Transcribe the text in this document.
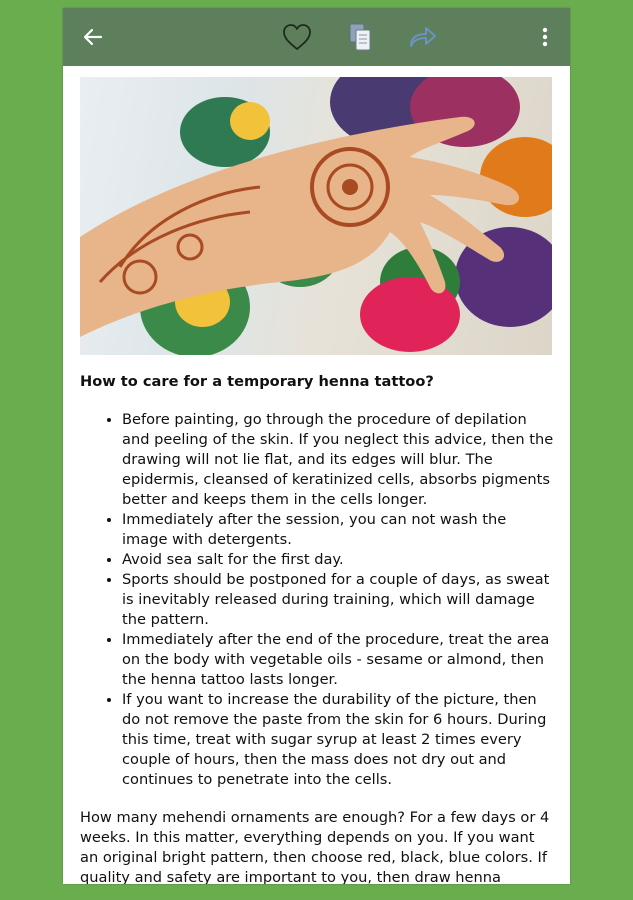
How to care for a temporary henna tattoo?
• Before painting, go through the procedure of depilation and peeling of the skin. If you neglect this advice, then the drawing will not lie flat, and its edges will blur. The epidermis, cleansed of keratinized cells, absorbs pigments better and keeps them in the cells longer.
• Immediately after the session, you can not wash the image with detergents.
• Avoid sea salt for the first day.
• Sports should be postponed for a couple of days, as sweat is inevitably released during training, which will damage the pattern.
• Immediately after the end of the procedure, treat the area on the body with vegetable oils - sesame or almond, then the henna tattoo lasts longer.
• If you want to increase the durability of the picture, then do not remove the paste from the skin for 6 hours. During this time, treat with sugar syrup at least 2 times every couple of hours, then the mass does not dry out and continues to penetrate into the cells.

How many mehendi ornaments are enough? For a few days or 4 weeks. In this matter, everything depends on you. If you want an original bright pattern, then choose red, black, blue colors. If quality and safety are important to you, then draw henna
